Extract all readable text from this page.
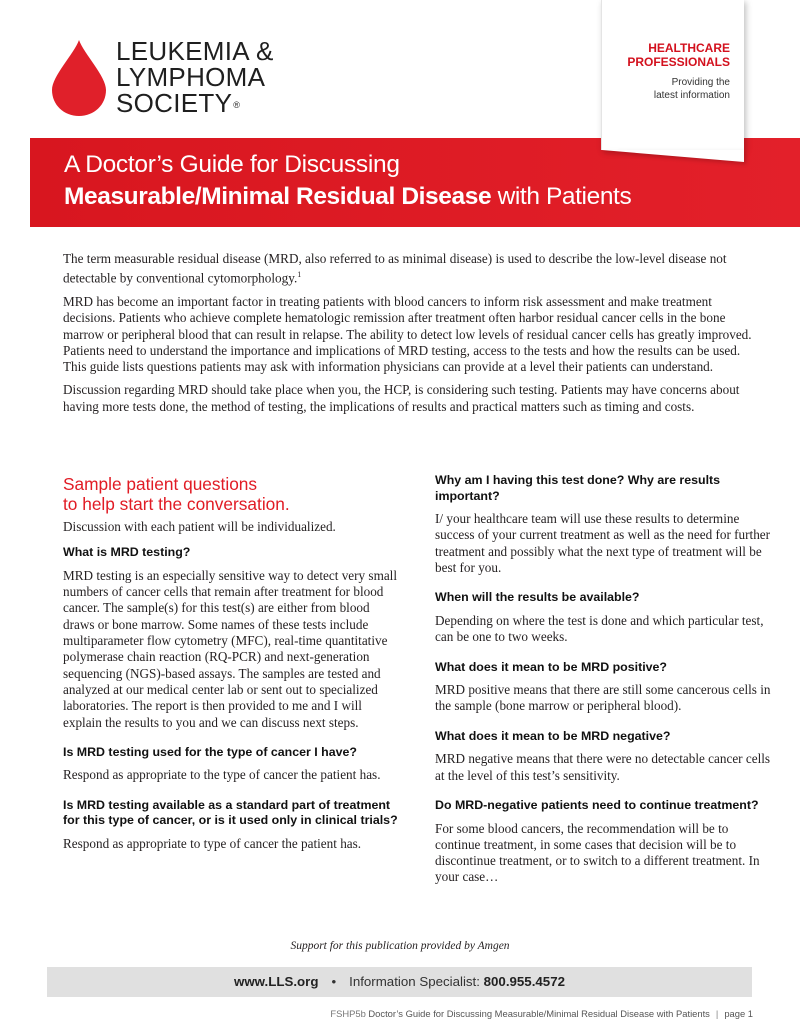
LEUKEMIA &
LYMPHOMA
SOCIETY®
HEALTHCARE
PROFESSIONALS
Providing the
latest information
A Doctor’s Guide for Discussing
Measurable/Minimal Residual Disease with Patients

The term measurable residual disease (MRD, also referred to as minimal disease) is used to describe the low-level disease not detectable by conventional cytomorphology.$^1$

MRD has become an important factor in treating patients with blood cancers to inform risk assessment and make treatment decisions. Patients who achieve complete hematologic remission after treatment often harbor residual cancer cells in the bone marrow or peripheral blood that can result in relapse. The ability to detect low levels of residual cancer cells has greatly improved. Patients need to understand the importance and implications of MRD testing, access to the tests and how the results can be used. This guide lists questions patients may ask with information physicians can provide at a level their patients can understand.

Discussion regarding MRD should take place when you, the HCP, is considering such testing. Patients may have concerns about having more tests done, the method of testing, the implications of results and practical matters such as timing and costs.

Sample patient questions
to help start the conversation.

Discussion with each patient will be individualized.

What is MRD testing?

MRD testing is an especially sensitive way to detect very small numbers of cancer cells that remain after treatment for blood cancer. The sample(s) for this test(s) are either from blood draws or bone marrow. Some names of these tests include multiparameter flow cytometry (MFC), real-time quantitative polymerase chain reaction (RQ-PCR) and next-generation sequencing (NGS)-based assays. The samples are tested and analyzed at our medical center lab or sent out to specialized laboratories. The report is then provided to me and I will explain the results to you and we can discuss next steps.

Is MRD testing used for the type of cancer I have?

Respond as appropriate to the type of cancer the patient has.

Is MRD testing available as a standard part of treatment for this type of cancer, or is it used only in clinical trials?

Respond as appropriate to type of cancer the patient has.

Why am I having this test done? Why are results important?

I/ your healthcare team will use these results to determine success of your current treatment as well as the need for further treatment and possibly what the next type of treatment will be best for you.

When will the results be available?

Depending on where the test is done and which particular test, can be one to two weeks.

What does it mean to be MRD positive?

MRD positive means that there are still some cancerous cells in the sample (bone marrow or peripheral blood).

What does it mean to be MRD negative?

MRD negative means that there were no detectable cancer cells at the level of this test’s sensitivity.

Do MRD-negative patients need to continue treatment?

For some blood cancers, the recommendation will be to continue treatment, in some cases that decision will be to discontinue treatment, or to switch to a different treatment. In your case…

Support for this publication provided by Amgen
www.LLS.org • Information Specialist: 800.955.4572
FSHP5b Doctor’s Guide for Discussing Measurable/Minimal Residual Disease with Patients | page 1
